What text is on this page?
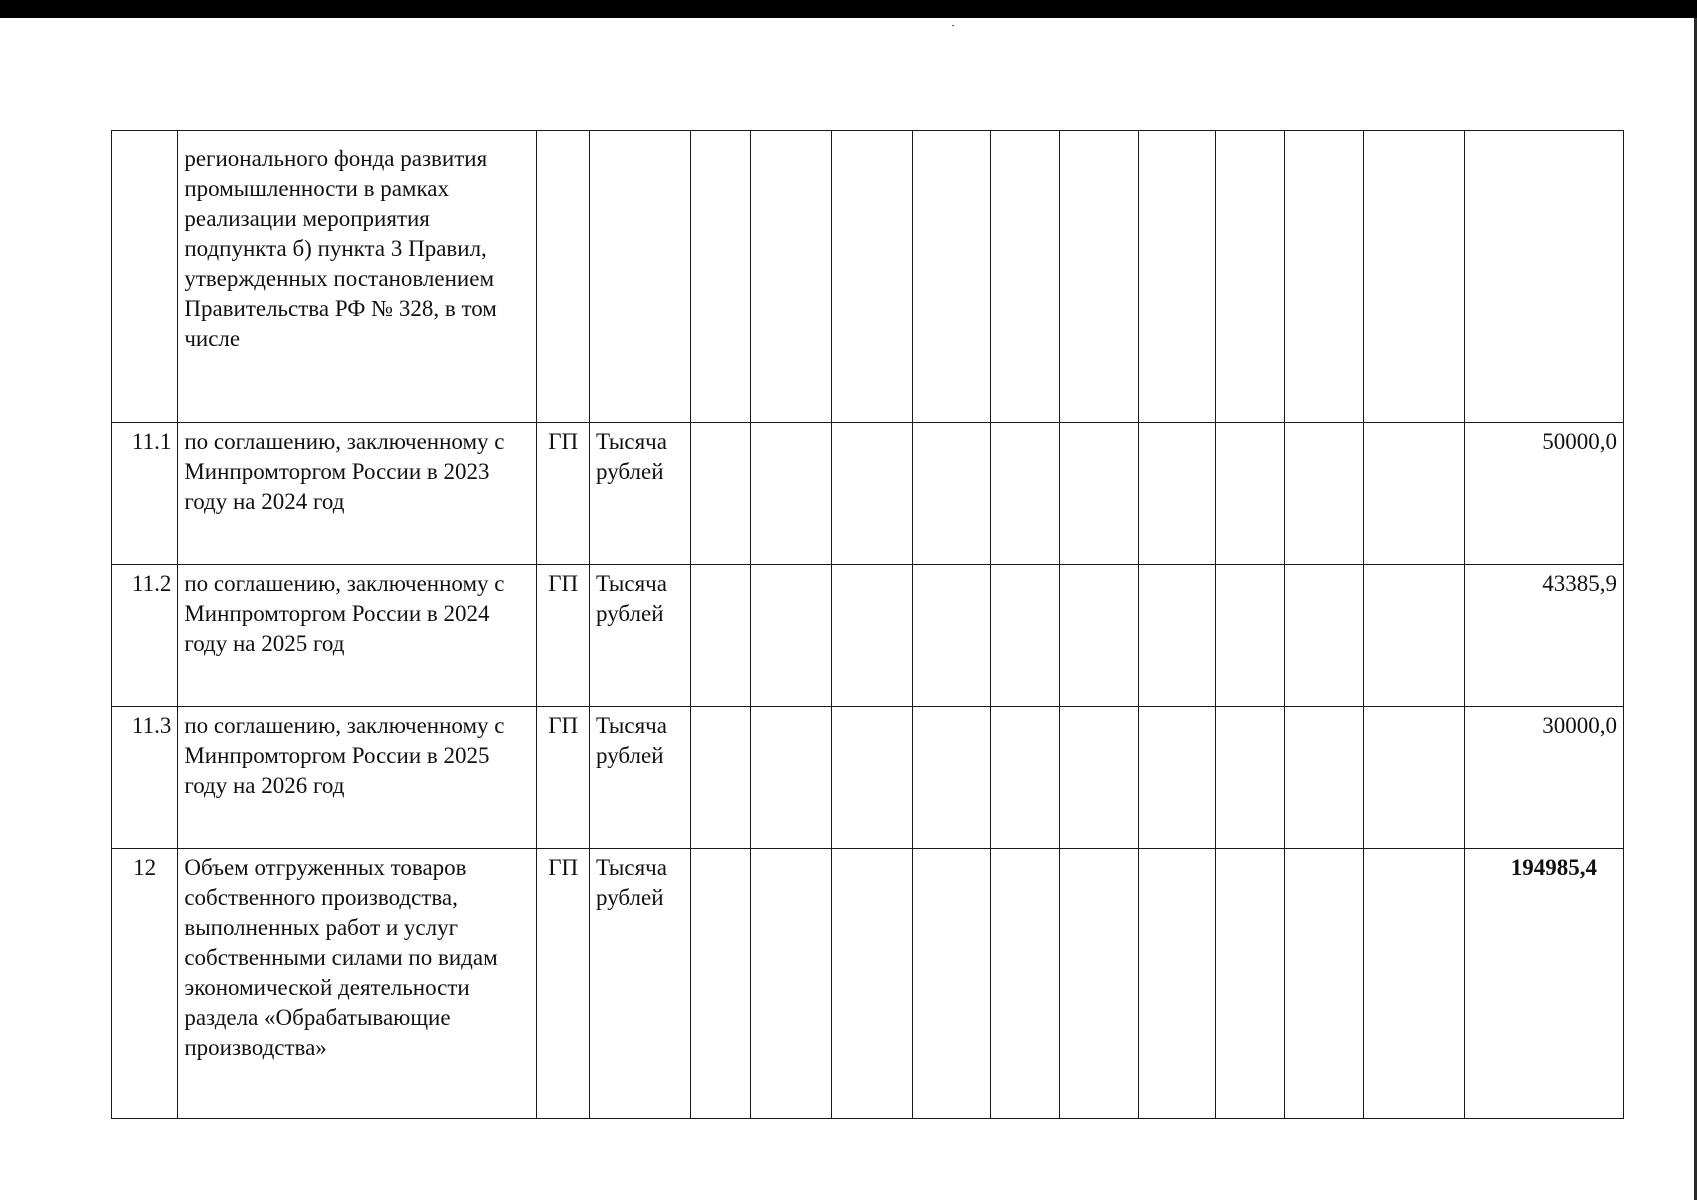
	регионального фонда развития промышленности в рамках реализации мероприятия подпункта б) пункта 3 Правил, утвержденных постановлением Правительства РФ № 328, в том числе													
11.1	по соглашению, заключенному с Минпромторгом России в 2023 году на 2024 год	ГП	Тысяча рублей											50000,0
11.2	по соглашению, заключенному с Минпромторгом России в 2024 году на 2025 год	ГП	Тысяча рублей											43385,9
11.3	по соглашению, заключенному с Минпромторгом России в 2025 году на 2026 год	ГП	Тысяча рублей											30000,0
12	Объем отгруженных товаров собственного производства, выполненных работ и услуг собственными силами по видам экономической деятельности раздела «Обрабатывающие производства»	ГП	Тысяча рублей											194985,4
